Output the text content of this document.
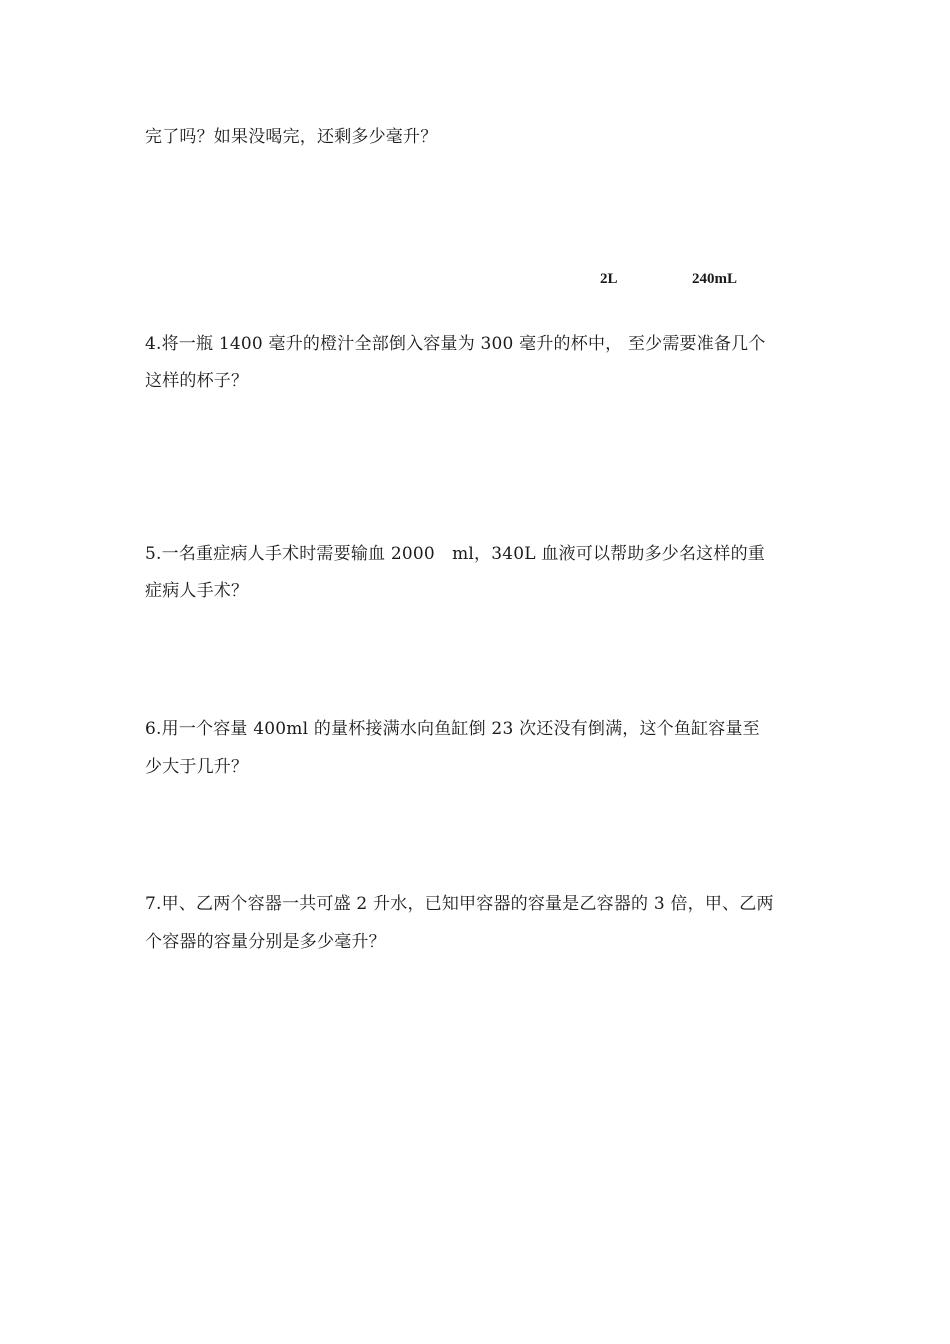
完了吗？如果没喝完，还剩多少毫升？
2L	240mL
4.将一瓶 1400 毫升的橙汁全部倒入容量为 300 毫升的杯中， 至少需要准备几个
这样的杯子？
5.一名重症病人手术时需要输血 2000　ml，340L 血液可以帮助多少名这样的重
症病人手术？
6.用一个容量 400ml 的量杯接满水向鱼缸倒 23 次还没有倒满，这个鱼缸容量至
少大于几升？
7.甲、乙两个容器一共可盛 2 升水，已知甲容器的容量是乙容器的 3 倍，甲、乙两
个容器的容量分别是多少毫升？
